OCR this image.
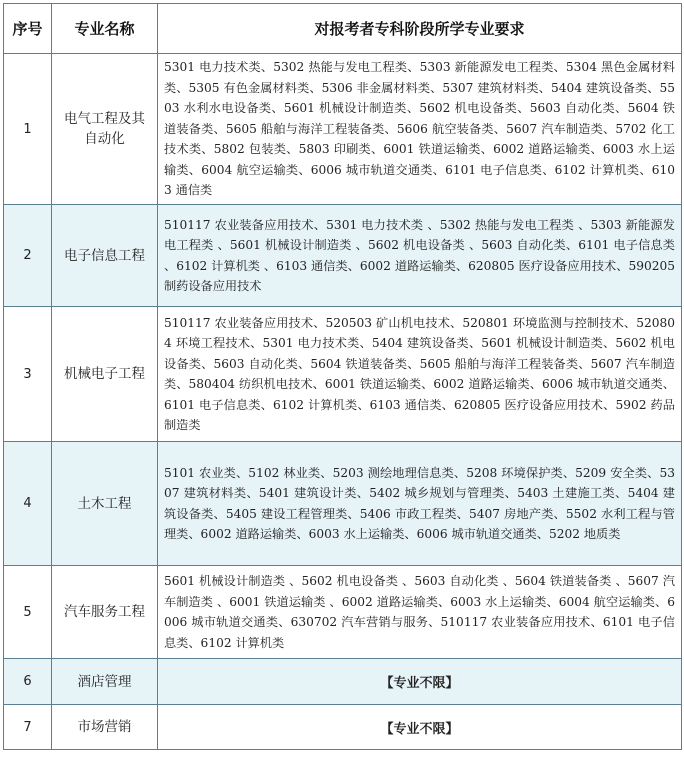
序号	专业名称	对报考者专科阶段所学专业要求
1	电气工程及其自动化	5301 电力技术类、5302 热能与发电工程类、5303 新能源发电工程类、5304 黑色金属材料类、5305 有色金属材料类、5306 非金属材料类、5307 建筑材料类、5404 建筑设备类、5503 水利水电设备类、5601 机械设计制造类、5602 机电设备类、5603 自动化类、5604 铁道装备类、5605 船舶与海洋工程装备类、5606 航空装备类、5607 汽车制造类、5702 化工技术类、5802 包装类、5803 印刷类、6001 铁道运输类、6002 道路运输类、6003 水上运输类、6004 航空运输类、6006 城市轨道交通类、6101 电子信息类、6102 计算机类、6103 通信类
2	电子信息工程	510117 农业装备应用技术、5301 电力技术类 、5302 热能与发电工程类 、5303 新能源发电工程类 、5601 机械设计制造类 、5602 机电设备类 、5603 自动化类、6101 电子信息类 、6102 计算机类 、6103 通信类、6002 道路运输类、620805 医疗设备应用技术、590205 制药设备应用技术
3	机械电子工程	510117 农业装备应用技术、520503 矿山机电技术、520801 环境监测与控制技术、520804 环境工程技术、5301 电力技术类、5404 建筑设备类、5601 机械设计制造类、5602 机电设备类、5603 自动化类、5604 铁道装备类、5605 船舶与海洋工程装备类、5607 汽车制造类、580404 纺织机电技术、6001 铁道运输类、6002 道路运输类、6006 城市轨道交通类、6101 电子信息类、6102 计算机类、6103 通信类、620805 医疗设备应用技术、5902 药品制造类
4	土木工程	5101 农业类、5102 林业类、5203 测绘地理信息类、5208 环境保护类、5209 安全类、5307 建筑材料类、5401 建筑设计类、5402 城乡规划与管理类、5403 土建施工类、5404 建筑设备类、5405 建设工程管理类、5406 市政工程类、5407 房地产类、5502 水利工程与管理类、6002 道路运输类、6003 水上运输类、6006 城市轨道交通类、5202 地质类
5	汽车服务工程	5601 机械设计制造类 、5602 机电设备类 、5603 自动化类 、5604 铁道装备类 、5607 汽车制造类 、6001 铁道运输类 、6002 道路运输类、6003 水上运输类、6004 航空运输类、6006 城市轨道交通类、630702 汽车营销与服务、510117 农业装备应用技术、6101 电子信息类、6102 计算机类
6	酒店管理	【专业不限】
7	市场营销	【专业不限】
